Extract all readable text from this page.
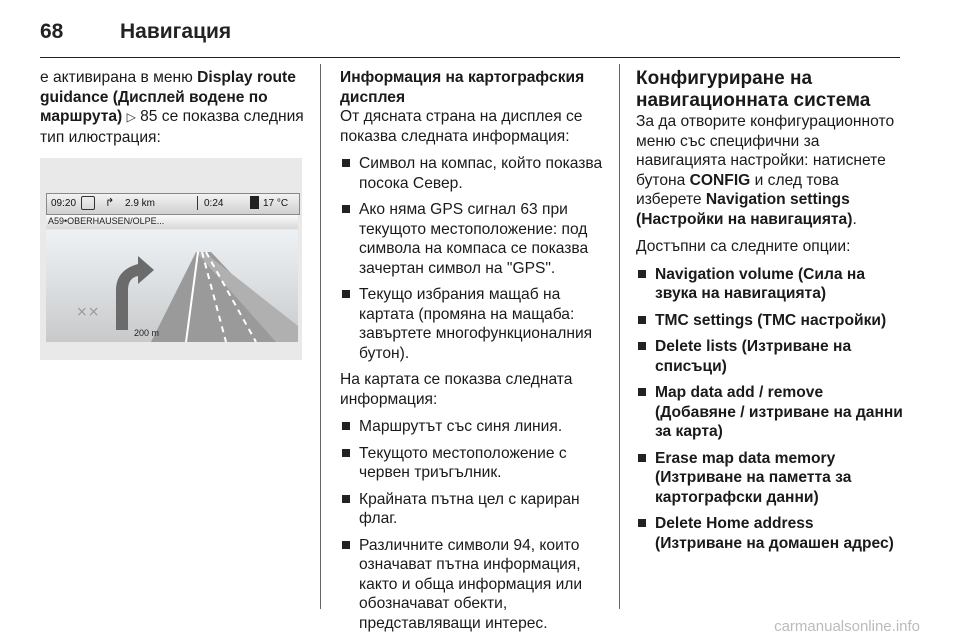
68	Навигация

е активирана в меню Display route guidance (Дисплей водене по маршрута) ▷ 85 се показва следния тип илюстрация:

09:20	↱ 2.9 km	0:24	17 °C
A59•OBERHAUSEN/OLPE...
⨯⨯
200 m
Информация на картографския дисплея

От дясната страна на дисплея се показва следната информация:

Символ на компас, който показва посока Север.
Ако няма GPS сигнал 63 при текущото местоположение: под символа на компаса се показва зачертан символ на "GPS".
Текущо избрания мащаб на картата (промяна на мащаба: завъртете многофункционалния бутон).

На картата се показва следната информация:

Маршрутът със синя линия.
Текущото местоположение с червен триъгълник.
Крайната пътна цел с кариран флаг.
Различните символи 94, които означават пътна информация, както и обща информация или обозначават обекти, представляващи интерес.
Конфигуриране на навигационната система

За да отворите конфигурационното меню със специфични за навигацията настройки: натиснете бутона CONFIG и след това изберете Navigation settings (Настройки на навигацията).

Достъпни са следните опции:

Navigation volume (Сила на звука на навигацията)
TMC settings (TMC настройки)
Delete lists (Изтриване на списъци)
Map data add / remove (Добавяне / изтриване на данни за карта)
Erase map data memory (Изтриване на паметта за картографски данни)
Delete Home address (Изтриване на домашен адрес)
carmanualsonline.info
